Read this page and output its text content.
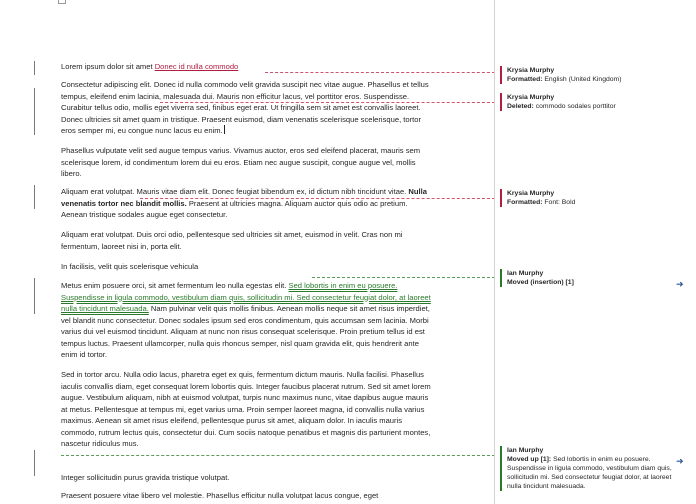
Lorem ipsum dolor sit amet Donec id nulla commodo

Consectetur adipiscing elit. Donec id nulla commodo velit gravida suscipit nec vitae augue. Phasellus et tellus tempus, eleifend enim lacinia, malesuada dui. Mauris non efficitur lacus, vel porttitor eros. Suspendisse. Curabitur tellus odio, mollis eget viverra sed, finibus eget erat. Ut fringilla sem sit amet est convallis laoreet. Donec ultricies sit amet quam in tristique. Praesent euismod, diam venenatis scelerisque scelerisque, tortor eros semper mi, eu congue nunc lacus eu enim.

Phasellus vulputate velit sed augue tempus varius. Vivamus auctor, eros sed eleifend placerat, mauris sem scelerisque lorem, id condimentum lorem dui eu eros. Etiam nec augue suscipit, congue augue vel, mollis libero.

Aliquam erat volutpat. Mauris vitae diam elit. Donec feugiat bibendum ex, id dictum nibh tincidunt vitae. Nulla venenatis tortor nec blandit mollis. Praesent at ultricies magna. Aliquam auctor quis odio ac pretium. Aenean tristique sodales augue eget consectetur.

Aliquam erat volutpat. Duis orci odio, pellentesque sed ultricies sit amet, euismod in velit. Cras non mi fermentum, laoreet nisi in, porta elit.

In facilisis, velit quis scelerisque vehicula

Metus enim posuere orci, sit amet fermentum leo nulla egestas elit. Sed lobortis in enim eu posuere. Suspendisse in ligula commodo, vestibulum diam quis, sollicitudin mi. Sed consectetur feugiat dolor, at laoreet nulla tincidunt malesuada. Nam pulvinar velit quis mollis finibus. Aenean mollis neque sit amet risus imperdiet, vel blandit nunc consectetur. Donec sodales ipsum sed eros condimentum, quis accumsan sem lacinia. Morbi varius dui vel euismod tincidunt. Aliquam at nunc non risus consequat scelerisque. Proin pretium tellus id est tempus luctus. Praesent ullamcorper, nulla quis rhoncus semper, nisl quam gravida elit, quis hendrerit ante enim id tortor.

Sed in tortor arcu. Nulla odio lacus, pharetra eget ex quis, fermentum dictum mauris. Nulla facilisi. Phasellus iaculis convallis diam, eget consequat lorem lobortis quis. Integer faucibus placerat rutrum. Sed sit amet lorem augue. Vestibulum aliquam, nibh at euismod volutpat, turpis nunc maximus nunc, vitae dapibus augue mauris at metus. Pellentesque at tempus mi, eget varius urna. Proin semper laoreet magna, id convallis nulla varius maximus. Aenean sit amet risus eleifend, pellentesque purus sit amet, aliquam dolor. In iaculis mauris commodo, rutrum lectus quis, consectetur dui. Cum sociis natoque penatibus et magnis dis parturient montes, nascetur ridiculus mus.

Integer sollicitudin purus gravida tristique volutpat.

Praesent posuere vitae libero vel molestie. Phasellus efficitur nulla volutpat lacus congue, eget

Krysia Murphy
Formatted: English (United Kingdom)
Krysia Murphy
Deleted: commodo sodales porttitor
Krysia Murphy
Formatted: Font: Bold
Ian Murphy
Moved (insertion) [1]	➜
Ian Murphy
Moved up [1]: Sed lobortis in enim eu posuere. Suspendisse in ligula commodo, vestibulum diam quis, sollicitudin mi. Sed consectetur feugiat dolor, at laoreet nulla tincidunt malesuada.
➜
